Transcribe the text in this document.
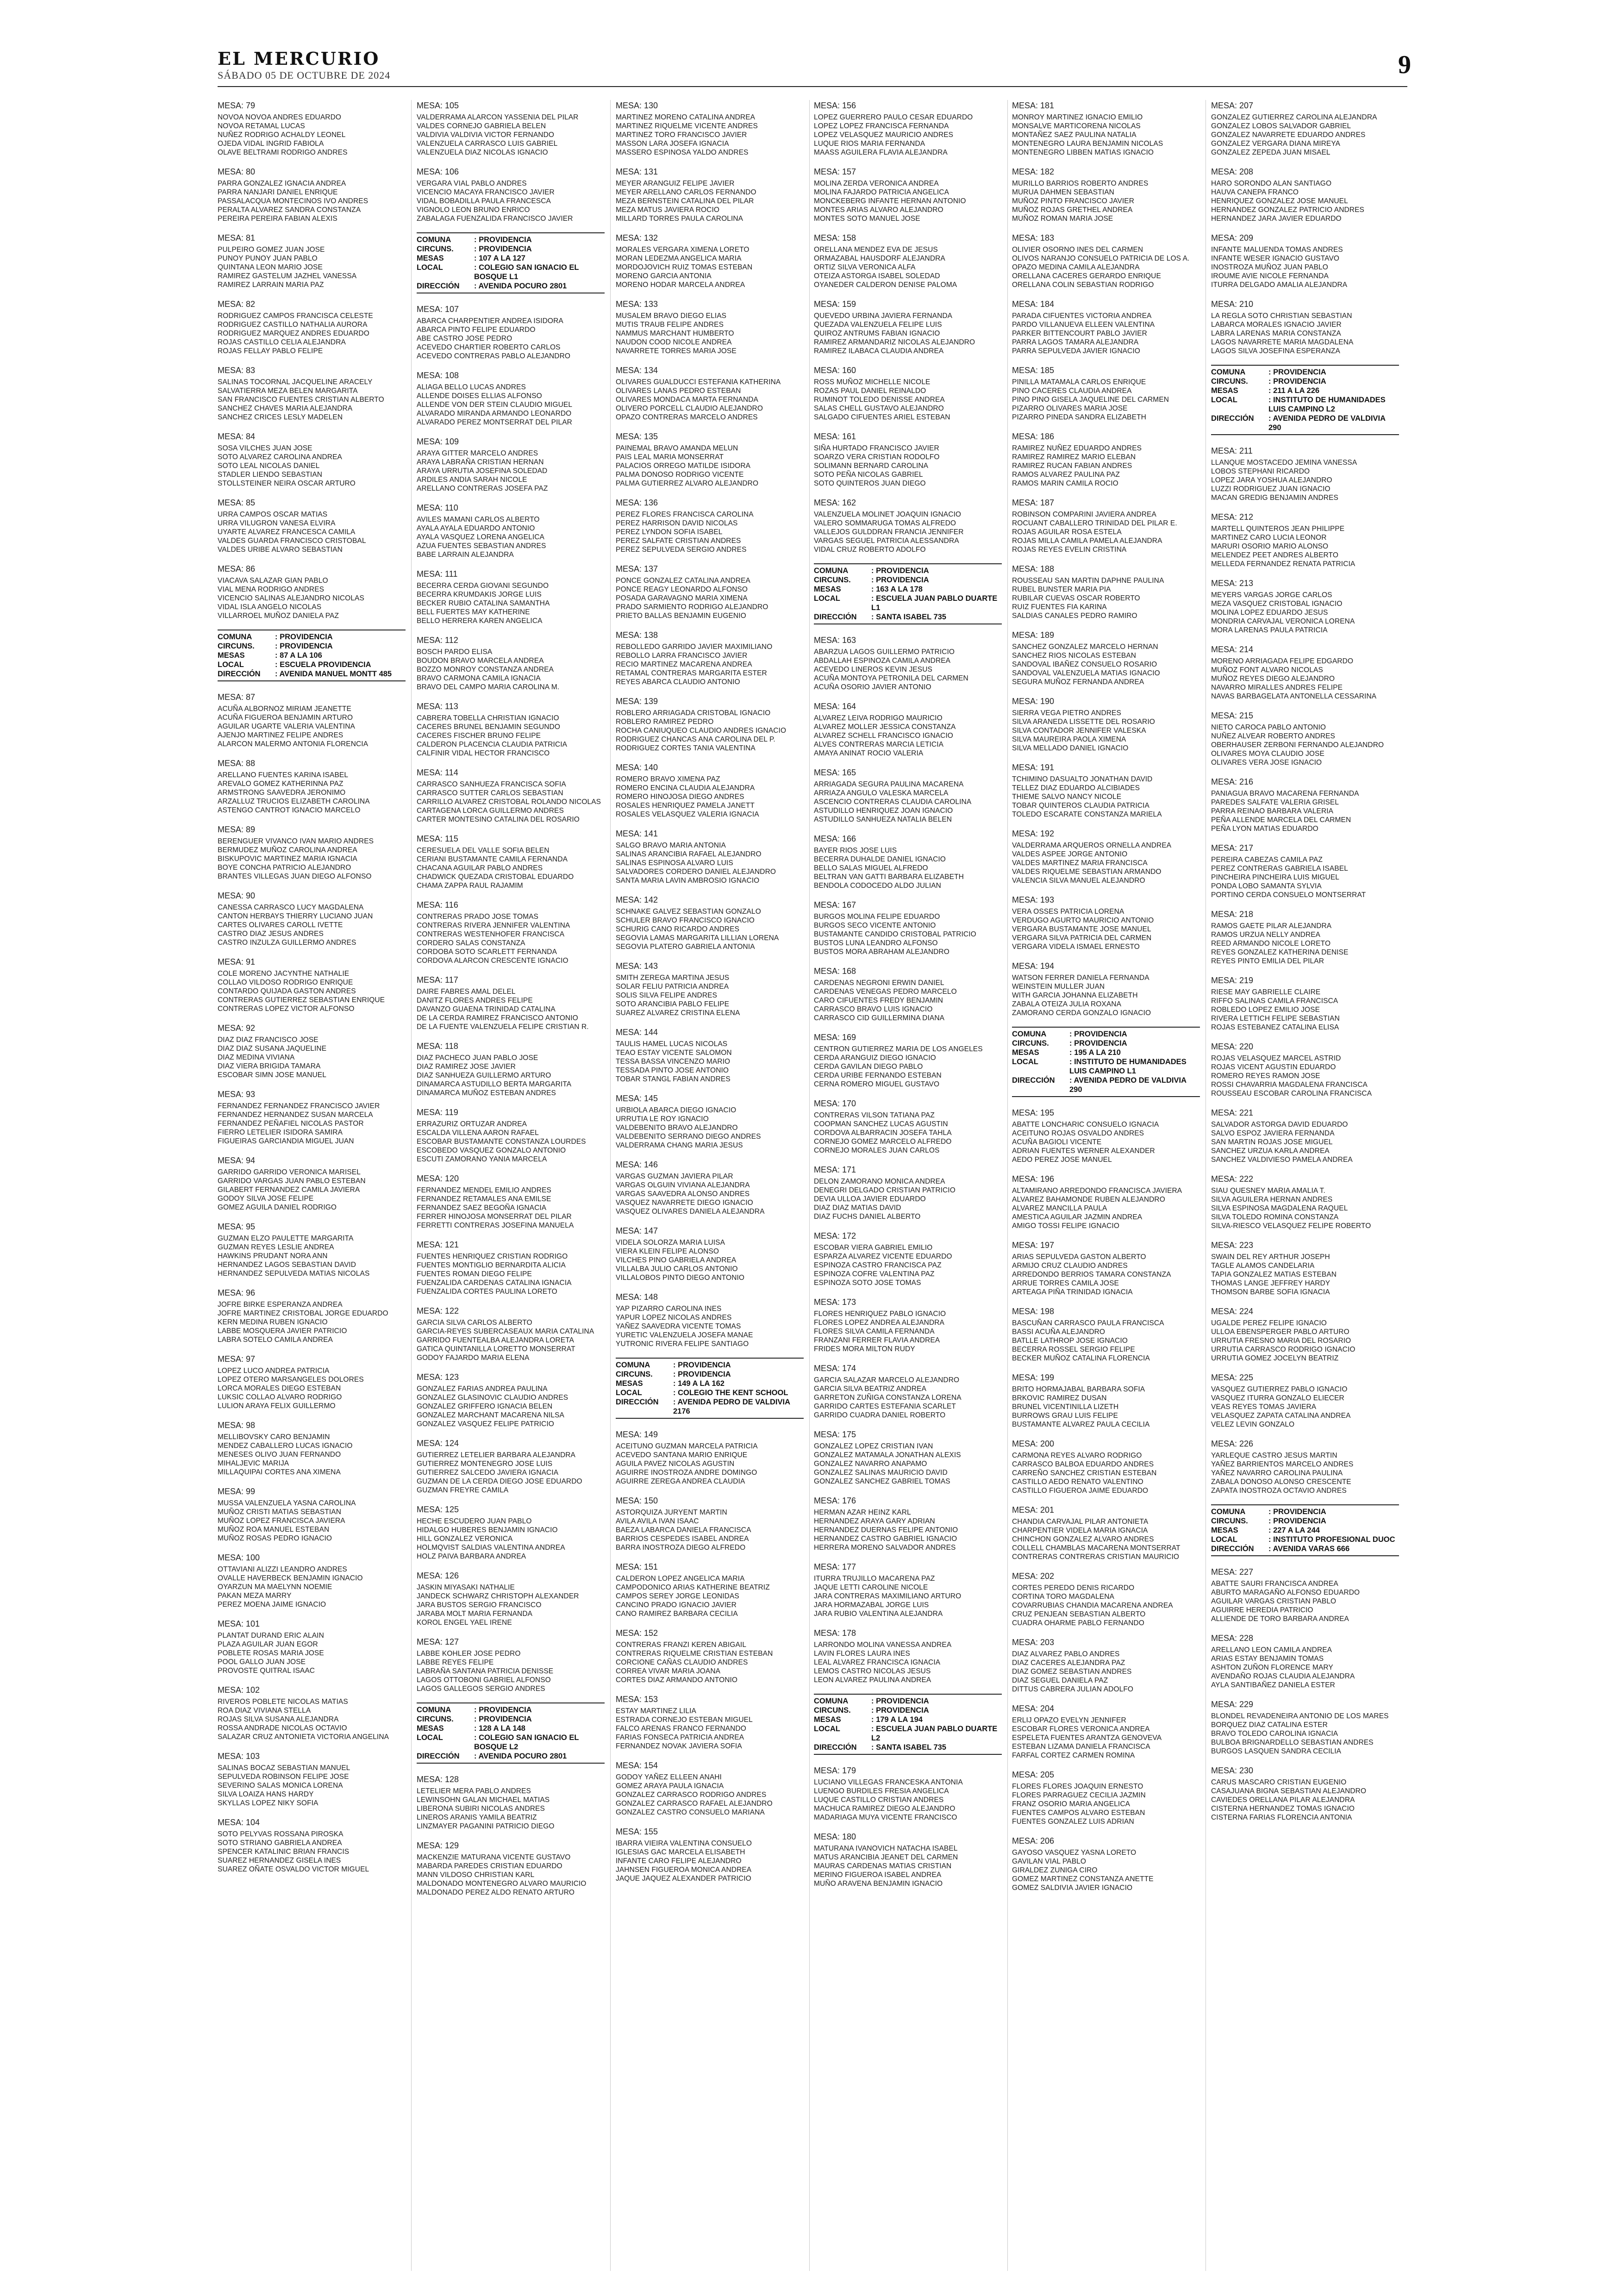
EL MERCURIO
SÁBADO 05 DE OCTUBRE DE 2024	9
MESA: 79
NOVOA NOVOA ANDRES EDUARDO
NOVOA RETAMAL LUCAS
NUÑEZ RODRIGO ACHALDY LEONEL
OJEDA VIDAL INGRID FABIOLA
OLAVE BELTRAMI RODRIGO ANDRES
MESA: 80
PARRA GONZALEZ IGNACIA ANDREA
PARRA NANJARI DANIEL ENRIQUE
PASSALACQUA MONTECINOS IVO ANDRES
PERALTA ALVAREZ SANDRA CONSTANZA
PEREIRA PEREIRA FABIAN ALEXIS
MESA: 81
PULPEIRO GOMEZ JUAN JOSE
PUNOY PUNOY JUAN PABLO
QUINTANA LEON MARIO JOSE
RAMIREZ GASTELUM JAZHEL VANESSA
RAMIREZ LARRAIN MARIA PAZ
MESA: 82
RODRIGUEZ CAMPOS FRANCISCA CELESTE
RODRIGUEZ CASTILLO NATHALIA AURORA
RODRIGUEZ MARQUEZ ANDRES EDUARDO
ROJAS CASTILLO CELIA ALEJANDRA
ROJAS FELLAY PABLO FELIPE
MESA: 83
SALINAS TOCORNAL JACQUELINE ARACELY
SALVATIERRA MEZA BELEN MARGARITA
SAN FRANCISCO FUENTES CRISTIAN ALBERTO
SANCHEZ CHAVES MARIA ALEJANDRA
SANCHEZ CRICES LESLY MADELEN
MESA: 84
SOSA VILCHES JUAN JOSE
SOTO ALVAREZ CAROLINA ANDREA
SOTO LEAL NICOLAS DANIEL
STADLER LIENDO SEBASTIAN
STOLLSTEINER NEIRA OSCAR ARTURO
MESA: 85
URRA CAMPOS OSCAR MATIAS
URRA VILUGRON VANESA ELVIRA
UYARTE ALVAREZ FRANCESCA CAMILA
VALDES GUARDA FRANCISCO CRISTOBAL
VALDES URIBE ALVARO SEBASTIAN
MESA: 86
VIACAVA SALAZAR GIAN PABLO
VIAL MENA RODRIGO ANDRES
VICENCIO SALINAS ALEJANDRO NICOLAS
VIDAL ISLA ANGELO NICOLAS
VILLARROEL MUÑOZ DANIELA PAZ
COMUNA	: PROVIDENCIA
CIRCUNS.	: PROVIDENCIA
MESAS	: 87 A LA 106
LOCAL	: ESCUELA PROVIDENCIA
DIRECCIÓN	: AVENIDA MANUEL MONTT 485
MESA: 87
ACUÑA ALBORNOZ MIRIAM JEANETTE
ACUÑA FIGUEROA BENJAMIN ARTURO
AGUILAR UGARTE VALERIA VALENTINA
AJENJO MARTINEZ FELIPE ANDRES
ALARCON MALERMO ANTONIA FLORENCIA
MESA: 88
ARELLANO FUENTES KARINA ISABEL
AREVALO GOMEZ KATHERINNA PAZ
ARMSTRONG SAAVEDRA JERONIMO
ARZALLUZ TRUCIOS ELIZABETH CAROLINA
ASTENGO CANTROT IGNACIO MARCELO
MESA: 89
BERENGUER VIVANCO IVAN MARIO ANDRES
BERMUDEZ MUÑOZ CAROLINA ANDREA
BISKUPOVIC MARTINEZ MARIA IGNACIA
BOYE CONCHA PATRICIO ALEJANDRO
BRANTES VILLEGAS JUAN DIEGO ALFONSO
MESA: 90
CANESSA CARRASCO LUCY MAGDALENA
CANTON HERBAYS THIERRY LUCIANO JUAN
CARTES OLIVARES CAROLL IVETTE
CASTRO DIAZ JESUS ANDRES
CASTRO INZULZA GUILLERMO ANDRES
MESA: 91
COLE MORENO JACYNTHE NATHALIE
COLLAO VILDOSO RODRIGO ENRIQUE
CONTARDO QUIJADA GASTON ANDRES
CONTRERAS GUTIERREZ SEBASTIAN ENRIQUE
CONTRERAS LOPEZ VICTOR ALFONSO
MESA: 92
DIAZ DIAZ FRANCISCO JOSE
DIAZ DIAZ SUSANA JAQUELINE
DIAZ MEDINA VIVIANA
DIAZ VIERA BRIGIDA TAMARA
ESCOBAR SIMN JOSE MANUEL
MESA: 93
FERNANDEZ FERNANDEZ FRANCISCO JAVIER
FERNANDEZ HERNANDEZ SUSAN MARCELA
FERNANDEZ PEÑAFIEL NICOLAS PASTOR
FIERRO LETELIER ISIDORA SAMIRA
FIGUEIRAS GARCIANDIA MIGUEL JUAN
MESA: 94
GARRIDO GARRIDO VERONICA MARISEL
GARRIDO VARGAS JUAN PABLO ESTEBAN
GILABERT FERNANDEZ CAMILA JAVIERA
GODOY SILVA JOSE FELIPE
GOMEZ AGUILA DANIEL RODRIGO
MESA: 95
GUZMAN ELZO PAULETTE MARGARITA
GUZMAN REYES LESLIE ANDREA
HAWKINS PRUDANT NORA ANN
HERNANDEZ LAGOS SEBASTIAN DAVID
HERNANDEZ SEPULVEDA MATIAS NICOLAS
MESA: 96
JOFRE BIRKE ESPERANZA ANDREA
JOFRE MARTINEZ CRISTOBAL JORGE EDUARDO
KERN MEDINA RUBEN IGNACIO
LABBE MOSQUERA JAVIER PATRICIO
LABRA SOTELO CAMILA ANDREA
MESA: 97
LOPEZ LUCO ANDREA PATRICIA
LOPEZ OTERO MARSANGELES DOLORES
LORCA MORALES DIEGO ESTEBAN
LUKSIC COLLAO ALVARO RODRIGO
LULION ARAYA FELIX GUILLERMO
MESA: 98
MELLIBOVSKY CARO BENJAMIN
MENDEZ CABALLERO LUCAS IGNACIO
MENESES OLIVO JUAN FERNANDO
MIHALJEVIC MARIJA
MILLAQUIPAI CORTES ANA XIMENA
MESA: 99
MUSSA VALENZUELA YASNA CAROLINA
MUÑOZ CRISTI MATIAS SEBASTIAN
MUÑOZ LOPEZ FRANCISCA JAVIERA
MUÑOZ ROA MANUEL ESTEBAN
MUÑOZ ROSAS PEDRO IGNACIO
MESA: 100
OTTAVIANI ALIZZI LEANDRO ANDRES
OVALLE HAVERBECK BENJAMIN IGNACIO
OYARZUN MA MAELYNN NOEMIE
PAKAN MEZA MARRY
PEREZ MOENA JAIME IGNACIO
MESA: 101
PLANTAT DURAND ERIC ALAIN
PLAZA AGUILAR JUAN EGOR
POBLETE ROSAS MARIA JOSE
POOL GALLO JUAN JOSE
PROVOSTE QUITRAL ISAAC
MESA: 102
RIVEROS POBLETE NICOLAS MATIAS
ROA DIAZ VIVIANA STELLA
ROJAS SILVA SUSANA ALEJANDRA
ROSSA ANDRADE NICOLAS OCTAVIO
SALAZAR CRUZ ANTONIETA VICTORIA ANGELINA
MESA: 103
SALINAS BOCAZ SEBASTIAN MANUEL
SEPULVEDA ROBINSON FELIPE JOSE
SEVERINO SALAS MONICA LORENA
SILVA LOAIZA HANS HARDY
SKYLLAS LOPEZ NIKY SOFIA
MESA: 104
SOTO PELYVAS ROSSANA PIROSKA
SOTO STRIANO GABRIELA ANDREA
SPENCER KATALINIC BRIAN FRANCIS
SUAREZ HERNANDEZ GISELA INES
SUAREZ OÑATE OSVALDO VICTOR MIGUEL
MESA: 105
VALDERRAMA ALARCON YASSENIA DEL PILAR
VALDES CORNEJO GABRIELA BELEN
VALDIVIA VALDIVIA VICTOR FERNANDO
VALENZUELA CARRASCO LUIS GABRIEL
VALENZUELA DIAZ NICOLAS IGNACIO
MESA: 106
VERGARA VIAL PABLO ANDRES
VICENCIO MACAYA FRANCISCO JAVIER
VIDAL BOBADILLA PAULA FRANCESCA
VIGNOLO LEON BRUNO ENRICO
ZABALAGA FUENZALIDA FRANCISCO JAVIER
COMUNA	: PROVIDENCIA
CIRCUNS.	: PROVIDENCIA
MESAS	: 107 A LA 127
LOCAL	: COLEGIO SAN IGNACIO EL BOSQUE L1
DIRECCIÓN	: AVENIDA POCURO 2801
MESA: 107
ABARCA CHARPENTIER ANDREA ISIDORA
ABARCA PINTO FELIPE EDUARDO
ABE CASTRO JOSE PEDRO
ACEVEDO CHARTIER ROBERTO CARLOS
ACEVEDO CONTRERAS PABLO ALEJANDRO
MESA: 108
ALIAGA BELLO LUCAS ANDRES
ALLENDE DOISES ELLIAS ALFONSO
ALLENDE VON DER STEIN CLAUDIO MIGUEL
ALVARADO MIRANDA ARMANDO LEONARDO
ALVARADO PEREZ MONTSERRAT DEL PILAR
MESA: 109
ARAYA GITTER MARCELO ANDRES
ARAYA LABRAÑA CRISTIAN HERNAN
ARAYA URRUTIA JOSEFINA SOLEDAD
ARDILES ANDIA SARAH NICOLE
ARELLANO CONTRERAS JOSEFA PAZ
MESA: 110
AVILES MAMANI CARLOS ALBERTO
AYALA AYALA EDUARDO ANTONIO
AYALA VASQUEZ LORENA ANGELICA
AZUA FUENTES SEBASTIAN ANDRES
BABE LARRAIN ALEJANDRA
MESA: 111
BECERRA CERDA GIOVANI SEGUNDO
BECERRA KRUMDAKIS JORGE LUIS
BECKER RUBIO CATALINA SAMANTHA
BELL FUERTES MAY KATHERINE
BELLO HERRERA KAREN ANGELICA
MESA: 112
BOSCH PARDO ELISA
BOUDON BRAVO MARCELA ANDREA
BOZZO MONROY CONSTANZA ANDREA
BRAVO CARMONA CAMILA IGNACIA
BRAVO DEL CAMPO MARIA CAROLINA M.
MESA: 113
CABRERA TOBELLA CHRISTIAN IGNACIO
CACERES BRUNEL BENJAMIN SEGUNDO
CACERES FISCHER BRUNO FELIPE
CALDERON PLACENCIA CLAUDIA PATRICIA
CALFINIR VIDAL HECTOR FRANCISCO
MESA: 114
CARRASCO SANHUEZA FRANCISCA SOFIA
CARRASCO SUTTER CARLOS SEBASTIAN
CARRILLO ALVAREZ CRISTOBAL ROLANDO NICOLAS
CARTAGENA LORCA GUILLERMO ANDRES
CARTER MONTESINO CATALINA DEL ROSARIO
MESA: 115
CERESUELA DEL VALLE SOFIA BELEN
CERIANI BUSTAMANTE CAMILA FERNANDA
CHACANA AGUILAR PABLO ANDRES
CHADWICK QUEZADA CRISTOBAL EDUARDO
CHAMA ZAPPA RAUL RAJAMIM
MESA: 116
CONTRERAS PRADO JOSE TOMAS
CONTRERAS RIVERA JENNIFER VALENTINA
CONTRERAS WESTENHOFER FRANCISCA
CORDERO SALAS CONSTANZA
CORDOBA SOTO SCARLETT FERNANDA
CORDOVA ALARCON CRESCENTE IGNACIO
MESA: 117
DAIRE FABRES AMAL DELEL
DANITZ FLORES ANDRES FELIPE
DAVANZO GUAENA TRINIDAD CATALINA
DE LA CERDA RAMIREZ FRANCISCO ANTONIO
DE LA FUENTE VALENZUELA FELIPE CRISTIAN R.
MESA: 118
DIAZ PACHECO JUAN PABLO JOSE
DIAZ RAMIREZ JOSE JAVIER
DIAZ SANHUEZA GUILLERMO ARTURO
DINAMARCA ASTUDILLO BERTA MARGARITA
DINAMARCA MUÑOZ ESTEBAN ANDRES
MESA: 119
ERRAZURIZ ORTUZAR ANDREA
ESCALDA VILLENA AARON RAFAEL
ESCOBAR BUSTAMANTE CONSTANZA LOURDES
ESCOBEDO VASQUEZ GONZALO ANTONIO
ESCUTI ZAMORANO YANIA MARCELA
MESA: 120
FERNANDEZ MENDEL EMILIO ANDRES
FERNANDEZ RETAMALES ANA EMILSE
FERNANDEZ SAEZ BEGOÑA IGNACIA
FERRER HINOJOSA MONSERRAT DEL PILAR
FERRETTI CONTRERAS JOSEFINA MANUELA
MESA: 121
FUENTES HENRIQUEZ CRISTIAN RODRIGO
FUENTES MONTIGLIO BERNARDITA ALICIA
FUENTES ROMAN DIEGO FELIPE
FUENZALIDA CARDENAS CATALINA IGNACIA
FUENZALIDA CORTES PAULINA LORETO
MESA: 122
GARCIA SILVA CARLOS ALBERTO
GARCIA-REYES SUBERCASEAUX MARIA CATALINA
GARRIDO FUENTEALBA ALEJANDRA LORETA
GATICA QUINTANILLA LORETTO MONSERRAT
GODOY FAJARDO MARIA ELENA
MESA: 123
GONZALEZ FARIAS ANDREA PAULINA
GONZALEZ GLASINOVIC CLAUDIO ANDRES
GONZALEZ GRIFFERO IGNACIA BELEN
GONZALEZ MARCHANT MACARENA NILSA
GONZALEZ VASQUEZ FELIPE PATRICIO
MESA: 124
GUTIERREZ LETELIER BARBARA ALEJANDRA
GUTIERREZ MONTENEGRO JOSE LUIS
GUTIERREZ SALCEDO JAVIERA IGNACIA
GUZMAN DE LA CERDA DIEGO JOSE EDUARDO
GUZMAN FREYRE CAMILA
MESA: 125
HECHE ESCUDERO JUAN PABLO
HIDALGO HUBERES BENJAMIN IGNACIO
HILL GONZALEZ VERONICA
HOLMQVIST SALDIAS VALENTINA ANDREA
HOLZ PAIVA BARBARA ANDREA
MESA: 126
JASKIN MIYASAKI NATHALIE
JANDECK SCHWARZ CHRISTOPH ALEXANDER
JARA BUSTOS SERGIO FRANCISCO
JARABA MOLT MARIA FERNANDA
KOROL ENGEL YAEL IRENE
MESA: 127
LABBE KOHLER JOSE PEDRO
LABBE REYES FELIPE
LABRAÑA SANTANA PATRICIA DENISSE
LAGOS OTTOBONI GABRIEL ALFONSO
LAGOS GALLEGOS SERGIO ANDRES
COMUNA	: PROVIDENCIA
CIRCUNS.	: PROVIDENCIA
MESAS	: 128 A LA 148
LOCAL	: COLEGIO SAN IGNACIO EL BOSQUE L2
DIRECCIÓN	: AVENIDA POCURO 2801
MESA: 128
LETELIER MERA PABLO ANDRES
LEWINSOHN GALAN MICHAEL MATIAS
LIBERONA SUBIRI NICOLAS ANDRES
LINEROS ARANIS YAMILA BEATRIZ
LINZMAYER PAGANINI PATRICIO DIEGO
MESA: 129
MACKENZIE MATURANA VICENTE GUSTAVO
MABARDA PAREDES CRISTIAN EDUARDO
MANN VILDOSO CHRISTIAN KARL
MALDONADO MONTENEGRO ALVARO MAURICIO
MALDONADO PEREZ ALDO RENATO ARTURO
MESA: 130
MARTINEZ MORENO CATALINA ANDREA
MARTINEZ RIQUELME VICENTE ANDRES
MARTINEZ TORO FRANCISCO JAVIER
MASSON LARA JOSEFA IGNACIA
MASSERO ESPINOSA YALDO ANDRES
MESA: 131
MEYER ARANGUIZ FELIPE JAVIER
MEYER ARELLANO CARLOS FERNANDO
MEZA BERNSTEIN CATALINA DEL PILAR
MEZA MATUS JAVIERA ROCIO
MILLARD TORRES PAULA CAROLINA
MESA: 132
MORALES VERGARA XIMENA LORETO
MORAN LEDEZMA ANGELICA MARIA
MORDOJOVICH RUIZ TOMAS ESTEBAN
MORENO GARCIA ANTONIA
MORENO HODAR MARCELA ANDREA
MESA: 133
MUSALEM BRAVO DIEGO ELIAS
MUTIS TRAUB FELIPE ANDRES
NAMMUS MARCHANT HUMBERTO
NAUDON COOD NICOLE ANDREA
NAVARRETE TORRES MARIA JOSE
MESA: 134
OLIVARES GUALDUCCI ESTEFANIA KATHERINA
OLIVARES LANAS PEDRO ESTEBAN
OLIVARES MONDACA MARTA FERNANDA
OLIVERO PORCELL CLAUDIO ALEJANDRO
OPAZO CONTRERAS MARCELO ANDRES
MESA: 135
PAINEMAL BRAVO AMANDA MELUN
PAIS LEAL MARIA MONSERRAT
PALACIOS ORREGO MATILDE ISIDORA
PALMA DONOSO RODRIGO VICENTE
PALMA GUTIERREZ ALVARO ALEJANDRO
MESA: 136
PEREZ FLORES FRANCISCA CAROLINA
PEREZ HARRISON DAVID NICOLAS
PEREZ LYNDON SOFIA ISABEL
PEREZ SALFATE CRISTIAN ANDRES
PEREZ SEPULVEDA SERGIO ANDRES
MESA: 137
PONCE GONZALEZ CATALINA ANDREA
PONCE REAGY LEONARDO ALFONSO
POSADA GARAVAGNO MARIA XIMENA
PRADO SARMIENTO RODRIGO ALEJANDRO
PRIETO BALLAS BENJAMIN EUGENIO
MESA: 138
REBOLLEDO GARRIDO JAVIER MAXIMILIANO
REBOLLO LARRA FRANCISCO JAVIER
RECIO MARTINEZ MACARENA ANDREA
RETAMAL CONTRERAS MARGARITA ESTER
REYES ABARCA CLAUDIO ANTONIO
MESA: 139
ROBLERO ARRIAGADA CRISTOBAL IGNACIO
ROBLERO RAMIREZ PEDRO
ROCHA CANIUQUEO CLAUDIO ANDRES IGNACIO
RODRIGUEZ CHANCAS ANA CAROLINA DEL P.
RODRIGUEZ CORTES TANIA VALENTINA
MESA: 140
ROMERO BRAVO XIMENA PAZ
ROMERO ENCINA CLAUDIA ALEJANDRA
ROMERO HINOJOSA DIEGO ANDRES
ROSALES HENRIQUEZ PAMELA JANETT
ROSALES VELASQUEZ VALERIA IGNACIA
MESA: 141
SALGO BRAVO MARIA ANTONIA
SALINAS ARANCIBIA RAFAEL ALEJANDRO
SALINAS ESPINOSA ALVARO LUIS
SALVADORES CORDERO DANIEL ALEJANDRO
SANTA MARIA LAVIN AMBROSIO IGNACIO
MESA: 142
SCHNAKE GALVEZ SEBASTIAN GONZALO
SCHULER BRAVO FRANCISCO IGNACIO
SCHURIG CANO RICARDO ANDRES
SEGOVIA LAMAS MARGARITA LILLIAN LORENA
SEGOVIA PLATERO GABRIELA ANTONIA
MESA: 143
SMITH ZEREGA MARTINA JESUS
SOLAR FELIU PATRICIA ANDREA
SOLIS SILVA FELIPE ANDRES
SOTO ARANCIBIA PABLO FELIPE
SUAREZ ALVAREZ CRISTINA ELENA
MESA: 144
TAULIS HAMEL LUCAS NICOLAS
TEAO ESTAY VICENTE SALOMON
TESSA BASSA VINCENZO MARIO
TESSADA PINTO JOSE ANTONIO
TOBAR STANGL FABIAN ANDRES
MESA: 145
URBIOLA ABARCA DIEGO IGNACIO
URRUTIA LE ROY IGNACIO
VALDEBENITO BRAVO ALEJANDRO
VALDEBENITO SERRANO DIEGO ANDRES
VALDERRAMA CHANG MARIA JESUS
MESA: 146
VARGAS GUZMAN JAVIERA PILAR
VARGAS OLGUIN VIVIANA ALEJANDRA
VARGAS SAAVEDRA ALONSO ANDRES
VASQUEZ NAVARRETE DIEGO IGNACIO
VASQUEZ OLIVARES DANIELA ALEJANDRA
MESA: 147
VIDELA SOLORZA MARIA LUISA
VIERA KLEIN FELIPE ALONSO
VILCHES PINO GABRIELA ANDREA
VILLALBA JULIO CARLOS ANTONIO
VILLALOBOS PINTO DIEGO ANTONIO
MESA: 148
YAP PIZARRO CAROLINA INES
YAPUR LOPEZ NICOLAS ANDRES
YAÑEZ SAAVEDRA VICENTE TOMAS
YURETIC VALENZUELA JOSEFA MANAE
YUTRONIC RIVERA FELIPE SANTIAGO
COMUNA	: PROVIDENCIA
CIRCUNS.	: PROVIDENCIA
MESAS	: 149 A LA 162
LOCAL	: COLEGIO THE KENT SCHOOL
DIRECCIÓN	: AVENIDA PEDRO DE VALDIVIA 2176
MESA: 149
ACEITUNO GUZMAN MARCELA PATRICIA
ACEVEDO SANTANA MARIO ENRIQUE
AGUILA PAVEZ NICOLAS AGUSTIN
AGUIRRE INOSTROZA ANDRE DOMINGO
AGUIRRE ZEREGA ANDREA CLAUDIA
MESA: 150
ASTORQUIZA JURYENT MARTIN
AVILA AVILA IVAN ISAAC
BAEZA LABARCA DANIELA FRANCISCA
BARRIOS CESPEDES ISABEL ANDREA
BARRA INOSTROZA DIEGO ALFREDO
MESA: 151
CALDERON LOPEZ ANGELICA MARIA
CAMPODONICO ARIAS KATHERINE BEATRIZ
CAMPOS SEREY JORGE LEONIDAS
CANCINO PRADO IGNACIO JAVIER
CANO RAMIREZ BARBARA CECILIA
MESA: 152
CONTRERAS FRANZI KEREN ABIGAIL
CONTRERAS RIQUELME CRISTIAN ESTEBAN
CORCIONE CAÑAS CLAUDIO ANDRES
CORREA VIVAR MARIA JOANA
CORTES DIAZ ARMANDO ANTONIO
MESA: 153
ESTAY MARTINEZ LILIA
ESTRADA CORNEJO ESTEBAN MIGUEL
FALCO ARENAS FRANCO FERNANDO
FARIAS FONSECA PATRICIA ANDREA
FERNANDEZ NOVAK JAVIERA SOFIA
MESA: 154
GODOY YAÑEZ ELLEEN ANAHI
GOMEZ ARAYA PAULA IGNACIA
GONZALEZ CARRASCO RODRIGO ANDRES
GONZALEZ CARRASCO RAFAEL ALEJANDRO
GONZALEZ CASTRO CONSUELO MARIANA
MESA: 155
IBARRA VIEIRA VALENTINA CONSUELO
IGLESIAS GAC MARCELA ELISABETH
INFANTE CARO FELIPE ALEJANDRO
JAHNSEN FIGUEROA MONICA ANDREA
JAQUE JAQUEZ ALEXANDER PATRICIO
MESA: 156
LOPEZ GUERRERO PAULO CESAR EDUARDO
LOPEZ LOPEZ FRANCISCA FERNANDA
LOPEZ VELASQUEZ MAURICIO ANDRES
LUQUE RIOS MARIA FERNANDA
MAASS AGUILERA FLAVIA ALEJANDRA
MESA: 157
MOLINA ZERDA VERONICA ANDREA
MOLINA FAJARDO PATRICIA ANGELICA
MONCKEBERG INFANTE HERNAN ANTONIO
MONTES ARIAS ALVARO ALEJANDRO
MONTES SOTO MANUEL JOSE
MESA: 158
ORELLANA MENDEZ EVA DE JESUS
ORMAZABAL HAUSDORF ALEJANDRA
ORTIZ SILVA VERONICA ALFA
OTEIZA ASTORGA ISABEL SOLEDAD
OYANEDER CALDERON DENISE PALOMA
MESA: 159
QUEVEDO URBINA JAVIERA FERNANDA
QUEZADA VALENZUELA FELIPE LUIS
QUIROZ ANTRUMS FABIAN IGNACIO
RAMIREZ ARMANDARIZ NICOLAS ALEJANDRO
RAMIREZ ILABACA CLAUDIA ANDREA
MESA: 160
ROSS MUÑOZ MICHELLE NICOLE
ROZAS PAUL DANIEL REINALDO
RUMINOT TOLEDO DENISSE ANDREA
SALAS CHELL GUSTAVO ALEJANDRO
SALGADO CIFUENTES ARIEL ESTEBAN
MESA: 161
SIÑA HURTADO FRANCISCO JAVIER
SOARZO VERA CRISTIAN RODOLFO
SOLIMANN BERNARD CAROLINA
SOTO PEÑA NICOLAS GABRIEL
SOTO QUINTEROS JUAN DIEGO
MESA: 162
VALENZUELA MOLINET JOAQUIN IGNACIO
VALERO SOMMARUGA TOMAS ALFREDO
VALLEJOS GULDDRAN FRANCIA JENNIFER
VARGAS SEGUEL PATRICIA ALESSANDRA
VIDAL CRUZ ROBERTO ADOLFO
COMUNA	: PROVIDENCIA
CIRCUNS.	: PROVIDENCIA
MESAS	: 163 A LA 178
LOCAL	: ESCUELA JUAN PABLO DUARTE L1
DIRECCIÓN	: SANTA ISABEL 735
MESA: 163
ABARZUA LAGOS GUILLERMO PATRICIO
ABDALLAH ESPINOZA CAMILA ANDREA
ACEVEDO LINEROS KEVIN JESUS
ACUÑA MONTOYA PETRONILA DEL CARMEN
ACUÑA OSORIO JAVIER ANTONIO
MESA: 164
ALVAREZ LEIVA RODRIGO MAURICIO
ALVAREZ MOLLER JESSICA CONSTANZA
ALVAREZ SCHELL FRANCISCO IGNACIO
ALVES CONTRERAS MARCIA LETICIA
AMAYA ANINAT ROCIO VALERIA
MESA: 165
ARRIAGADA SEGURA PAULINA MACARENA
ARRIAZA ANGULO VALESKA MARCELA
ASCENCIO CONTRERAS CLAUDIA CAROLINA
ASTUDILLO HENRIQUEZ JOAN IGNACIO
ASTUDILLO SANHUEZA NATALIA BELEN
MESA: 166
BAYER RIOS JOSE LUIS
BECERRA DUHALDE DANIEL IGNACIO
BELLO SALAS MIGUEL ALFREDO
BELTRAN VAN GATTI BARBARA ELIZABETH
BENDOLA CODOCEDO ALDO JULIAN
MESA: 167
BURGOS MOLINA FELIPE EDUARDO
BURGOS SECO VICENTE ANTONIO
BUSTAMANTE CANDIDO CRISTOBAL PATRICIO
BUSTOS LUNA LEANDRO ALFONSO
BUSTOS MORA ABRAHAM ALEJANDRO
MESA: 168
CARDENAS NEGRONI ERWIN DANIEL
CARDENAS VENEGAS PEDRO MARCELO
CARO CIFUENTES FREDY BENJAMIN
CARRASCO BRAVO LUIS IGNACIO
CARRASCO CID GUILLERMINA DIANA
MESA: 169
CENTRON GUTIERREZ MARIA DE LOS ANGELES
CERDA ARANGUIZ DIEGO IGNACIO
CERDA GAVILAN DIEGO PABLO
CERDA URIBE FERNANDO ESTEBAN
CERNA ROMERO MIGUEL GUSTAVO
MESA: 170
CONTRERAS VILSON TATIANA PAZ
COOPMAN SANCHEZ LUCAS AGUSTIN
CORDOVA ALBARRACIN JOSEFA TAHLA
CORNEJO GOMEZ MARCELO ALFREDO
CORNEJO MORALES JUAN CARLOS
MESA: 171
DELON ZAMORANO MONICA ANDREA
DENEGRI DELGADO CRISTIAN PATRICIO
DEVIA ULLOA JAVIER EDUARDO
DIAZ DIAZ MATIAS DAVID
DIAZ FUCHS DANIEL ALBERTO
MESA: 172
ESCOBAR VIERA GABRIEL EMILIO
ESPARZA ALVAREZ VICENTE EDUARDO
ESPINOZA CASTRO FRANCISCA PAZ
ESPINOZA COFRE VALENTINA PAZ
ESPINOZA SOTO JOSE TOMAS
MESA: 173
FLORES HENRIQUEZ PABLO IGNACIO
FLORES LOPEZ ANDREA ALEJANDRA
FLORES SILVA CAMILA FERNANDA
FRANZANI FERRER FLAVIA ANDREA
FRIDES MORA MILTON RUDY
MESA: 174
GARCIA SALAZAR MARCELO ALEJANDRO
GARCIA SILVA BEATRIZ ANDREA
GARRETON ZUÑIGA CONSTANZA LORENA
GARRIDO CARTES ESTEFANIA SCARLET
GARRIDO CUADRA DANIEL ROBERTO
MESA: 175
GONZALEZ LOPEZ CRISTIAN IVAN
GONZALEZ MATAMALA JONATHAN ALEXIS
GONZALEZ NAVARRO ANAPAMO
GONZALEZ SALINAS MAURICIO DAVID
GONZALEZ SANCHEZ GABRIEL TOMAS
MESA: 176
HERMAN AZAR HEINZ KARL
HERNANDEZ ARAYA GARY ADRIAN
HERNANDEZ DUERNAS FELIPE ANTONIO
HERNANDEZ CASTRO GABRIEL IGNACIO
HERRERA MORENO SALVADOR ANDRES
MESA: 177
ITURRA TRUJILLO MACARENA PAZ
JAQUE LETTI CAROLINE NICOLE
JARA CONTRERAS MAXIMILIANO ARTURO
JARA HORMAZABAL JORGE LUIS
JARA RUBIO VALENTINA ALEJANDRA
MESA: 178
LARRONDO MOLINA VANESSA ANDREA
LAVIN FLORES LAURA INES
LEAL ALVAREZ FRANCISCA IGNACIA
LEMOS CASTRO NICOLAS JESUS
LEON ALVAREZ PAULINA ANDREA
COMUNA	: PROVIDENCIA
CIRCUNS.	: PROVIDENCIA
MESAS	: 179 A LA 194
LOCAL	: ESCUELA JUAN PABLO DUARTE L2
DIRECCIÓN	: SANTA ISABEL 735
MESA: 179
LUCIANO VILLEGAS FRANCESKA ANTONIA
LUENGO BURDILES FRESIA ANGELICA
LUQUE CASTILLO CRISTIAN ANDRES
MACHUCA RAMIREZ DIEGO ALEJANDRO
MADARIAGA MUYA VICENTE FRANCISCO
MESA: 180
MATURANA IVANOVICH NATACHA ISABEL
MATUS ARANCIBIA JEANET DEL CARMEN
MAURAS CARDENAS MATIAS CRISTIAN
MERINO FIGUEROA ISABEL ANDREA
MUÑO ARAVENA BENJAMIN IGNACIO
MESA: 181
MONROY MARTINEZ IGNACIO EMILIO
MONSALVE MARTICORENA NICOLAS
MONTAÑEZ SAEZ PAULINA NATALIA
MONTENEGRO LAURA BENJAMIN NICOLAS
MONTENEGRO LIBBEN MATIAS IGNACIO
MESA: 182
MURILLO BARRIOS ROBERTO ANDRES
MURUA DAHMEN SEBASTIAN
MUÑOZ PINTO FRANCISCO JAVIER
MUÑOZ ROJAS GRETHEL ANDREA
MUÑOZ ROMAN MARIA JOSE
MESA: 183
OLIVIER OSORNO INES DEL CARMEN
OLIVOS NARANJO CONSUELO PATRICIA DE LOS A.
OPAZO MEDINA CAMILA ALEJANDRA
ORELLANA CACERES GERARDO ENRIQUE
ORELLANA COLIN SEBASTIAN RODRIGO
MESA: 184
PARADA CIFUENTES VICTORIA ANDREA
PARDO VILLANUEVA ELLEEN VALENTINA
PARKER BITTENCOURT PABLO JAVIER
PARRA LAGOS TAMARA ALEJANDRA
PARRA SEPULVEDA JAVIER IGNACIO
MESA: 185
PINILLA MATAMALA CARLOS ENRIQUE
PINO CACERES CLAUDIA ANDREA
PINO PINO GISELA JAQUELINE DEL CARMEN
PIZARRO OLIVARES MARIA JOSE
PIZARRO PINEDA SANDRA ELIZABETH
MESA: 186
RAMIREZ NUÑEZ EDUARDO ANDRES
RAMIREZ RAMIREZ MARIO ELEBAN
RAMIREZ RUCAN FABIAN ANDRES
RAMOS ALVAREZ PAULINA PAZ
RAMOS MARIN CAMILA ROCIO
MESA: 187
ROBINSON COMPARINI JAVIERA ANDREA
ROCUANT CABALLERO TRINIDAD DEL PILAR E.
ROJAS AGUILAR ROSA ESTELA
ROJAS MILLA CAMILA PAMELA ALEJANDRA
ROJAS REYES EVELIN CRISTINA
MESA: 188
ROUSSEAU SAN MARTIN DAPHNE PAULINA
RUBEL BUNSTER MARIA PIA
RUBILAR CUEVAS OSCAR ROBERTO
RUIZ FUENTES FIA KARINA
SALDIAS CANALES PEDRO RAMIRO
MESA: 189
SANCHEZ GONZALEZ MARCELO HERNAN
SANCHEZ RIOS NICOLAS ESTEBAN
SANDOVAL IBAÑEZ CONSUELO ROSARIO
SANDOVAL VALENZUELA MATIAS IGNACIO
SEGURA MUÑOZ FERNANDA ANDREA
MESA: 190
SIERRA VEGA PIETRO ANDRES
SILVA ARANEDA LISSETTE DEL ROSARIO
SILVA CONTADOR JENNIFER VALESKA
SILVA MAUREIRA PAOLA XIMENA
SILVA MELLADO DANIEL IGNACIO
MESA: 191
TCHIMINO DASUALTO JONATHAN DAVID
TELLEZ DIAZ EDUARDO ALCIBIADES
THIEME SALVO NANCY NICOLE
TOBAR QUINTEROS CLAUDIA PATRICIA
TOLEDO ESCARATE CONSTANZA MARIELA
MESA: 192
VALDERRAMA ARQUEROS ORNELLA ANDREA
VALDES ASPEE JORGE ANTONIO
VALDES MARTINEZ MARIA FRANCISCA
VALDES RIQUELME SEBASTIAN ARMANDO
VALENCIA SILVA MANUEL ALEJANDRO
MESA: 193
VERA OSSES PATRICIA LORENA
VERDUGO AGURTO MAURICIO ANTONIO
VERGARA BUSTAMANTE JOSE MANUEL
VERGARA SILVA PATRICIA DEL CARMEN
VERGARA VIDELA ISMAEL ERNESTO
MESA: 194
WATSON FERRER DANIELA FERNANDA
WEINSTEIN MULLER JUAN
WITH GARCIA JOHANNA ELIZABETH
ZABALA OTEIZA JULIA ROXANA
ZAMORANO CERDA GONZALO IGNACIO
COMUNA	: PROVIDENCIA
CIRCUNS.	: PROVIDENCIA
MESAS	: 195 A LA 210
LOCAL	: INSTITUTO DE HUMANIDADES LUIS CAMPINO L1
DIRECCIÓN	: AVENIDA PEDRO DE VALDIVIA 290
MESA: 195
ABATTE LONCHARIC CONSUELO IGNACIA
ACEITUNO ROJAS OSVALDO ANDRES
ACUÑA BAGIOLI VICENTE
ADRIAN FUENTES WERNER ALEXANDER
AEDO PEREZ JOSE MANUEL
MESA: 196
ALTAMIRANO ARREDONDO FRANCISCA JAVIERA
ALVAREZ BAHAMONDE RUBEN ALEJANDRO
ALVAREZ MANCILLA PAULA
AMESTICA AGUILAR JAZMIN ANDREA
AMIGO TOSSI FELIPE IGNACIO
MESA: 197
ARIAS SEPULVEDA GASTON ALBERTO
ARMIJO CRUZ CLAUDIO ANDRES
ARREDONDO BERRIOS TAMARA CONSTANZA
ARRUE TORRES CAMILA JOSE
ARTEAGA PIÑA TRINIDAD IGNACIA
MESA: 198
BASCUÑAN CARRASCO PAULA FRANCISCA
BASSI ACUÑA ALEJANDRO
BATLLE LATHROP JOSE IGNACIO
BECERRA ROSSEL SERGIO FELIPE
BECKER MUÑOZ CATALINA FLORENCIA
MESA: 199
BRITO HORMAJABAL BARBARA SOFIA
BRKOVIC RAMIREZ DUSAN
BRUNEL VICENTINILLA LIZETH
BURROWS GRAU LUIS FELIPE
BUSTAMANTE ALVAREZ PAULA CECILIA
MESA: 200
CARMONA REYES ALVARO RODRIGO
CARRASCO BALBOA EDUARDO ANDRES
CARREÑO SANCHEZ CRISTIAN ESTEBAN
CASTILLO AEDO RENATO VALENTINO
CASTILLO FIGUEROA JAIME EDUARDO
MESA: 201
CHANDIA CARVAJAL PILAR ANTONIETA
CHARPENTIER VIDELA MARIA IGNACIA
CHINCHON GONZALEZ ALVARO ANDRES
COLLELL CHAMBLAS MACARENA MONTSERRAT
CONTRERAS CONTRERAS CRISTIAN MAURICIO
MESA: 202
CORTES PEREDO DENIS RICARDO
CORTINA TORO MAGDALENA
COVARRUBIAS CHANDIA MACARENA ANDREA
CRUZ PENJEAN SEBASTIAN ALBERTO
CUADRA OHARME PABLO FERNANDO
MESA: 203
DIAZ ALVAREZ PABLO ANDRES
DIAZ CACERES ALEJANDRA PAZ
DIAZ GOMEZ SEBASTIAN ANDRES
DIAZ SEGUEL DANIELA PAZ
DITTUS CABRERA JULIAN ADOLFO
MESA: 204
ERLIJ OPAZO EVELYN JENNIFER
ESCOBAR FLORES VERONICA ANDREA
ESPELETA FUENTES ARANTZA GENOVEVA
ESTEBAN LIZAMA DANIELA FRANCISCA
FARFAL CORTEZ CARMEN ROMINA
MESA: 205
FLORES FLORES JOAQUIN ERNESTO
FLORES PARRAGUEZ CECILIA JAZMIN
FRANZ OSORIO MARIA ANGELICA
FUENTES CAMPOS ALVARO ESTEBAN
FUENTES GONZALEZ LUIS ADRIAN
MESA: 206
GAYOSO VASQUEZ YASNA LORETO
GAVILAN VIAL PABLO
GIRALDEZ ZUNIGA CIRO
GOMEZ MARTINEZ CONSTANZA ANETTE
GOMEZ SALDIVIA JAVIER IGNACIO
MESA: 207
GONZALEZ GUTIERREZ CAROLINA ALEJANDRA
GONZALEZ LOBOS SALVADOR GABRIEL
GONZALEZ NAVARRETE EDUARDO ANDRES
GONZALEZ VERGARA DIANA MIREYA
GONZALEZ ZEPEDA JUAN MISAEL
MESA: 208
HARO SORONDO ALAN SANTIAGO
HAUVA CANEPA FRANCO
HENRIQUEZ GONZALEZ JOSE MANUEL
HERNANDEZ GONZALEZ PATRICIO ANDRES
HERNANDEZ JARA JAVIER EDUARDO
MESA: 209
INFANTE MALUENDA TOMAS ANDRES
INFANTE WESER IGNACIO GUSTAVO
INOSTROZA MUÑOZ JUAN PABLO
IROUME AVIE NICOLE FERNANDA
ITURRA DELGADO AMALIA ALEJANDRA
MESA: 210
LA REGLA SOTO CHRISTIAN SEBASTIAN
LABARCA MORALES IGNACIO JAVIER
LABRA LARENAS MARIA CONSTANZA
LAGOS NAVARRETE MARIA MAGDALENA
LAGOS SILVA JOSEFINA ESPERANZA
COMUNA	: PROVIDENCIA
CIRCUNS.	: PROVIDENCIA
MESAS	: 211 A LA 226
LOCAL	: INSTITUTO DE HUMANIDADES LUIS CAMPINO L2
DIRECCIÓN	: AVENIDA PEDRO DE VALDIVIA 290
MESA: 211
LLANQUE MOSTACEDO JEMINA VANESSA
LOBOS STEPHANI RICARDO
LOPEZ JARA YOSHUA ALEJANDRO
LUZZI RODRIGUEZ JUAN IGNACIO
MACAN GREDIG BENJAMIN ANDRES
MESA: 212
MARTELL QUINTEROS JEAN PHILIPPE
MARTINEZ CARO LUCIA LEONOR
MARURI OSORIO MARIO ALONSO
MELENDEZ PEET ANDRES ALBERTO
MELLEDA FERNANDEZ RENATA PATRICIA
MESA: 213
MEYERS VARGAS JORGE CARLOS
MEZA VASQUEZ CRISTOBAL IGNACIO
MOLINA LOPEZ EDUARDO JESUS
MONDRIA CARVAJAL VERONICA LORENA
MORA LARENAS PAULA PATRICIA
MESA: 214
MORENO ARRIAGADA FELIPE EDGARDO
MUÑOZ FONT ALVARO NICOLAS
MUÑOZ REYES DIEGO ALEJANDRO
NAVARRO MIRALLES ANDRES FELIPE
NAVAS BARBAGELATA ANTONELLA CESSARINA
MESA: 215
NIETO CAROCA PABLO ANTONIO
NUÑEZ ALVEAR ROBERTO ANDRES
OBERHAUSER ZERBONI FERNANDO ALEJANDRO
OLIVARES MOYA CLAUDIO JOSE
OLIVARES VERA JOSE IGNACIO
MESA: 216
PANIAGUA BRAVO MACARENA FERNANDA
PAREDES SALFATE VALERIA GRISEL
PARRA REINAO BARBARA VALERIA
PEÑA ALLENDE MARCELA DEL CARMEN
PEÑA LYON MATIAS EDUARDO
MESA: 217
PEREIRA CABEZAS CAMILA PAZ
PEREZ CONTRERAS GABRIELA ISABEL
PINCHEIRA PINCHEIRA LUIS MIGUEL
PONDA LOBO SAMANTA SYLVIA
PORTINO CERDA CONSUELO MONTSERRAT
MESA: 218
RAMOS GAETE PILAR ALEJANDRA
RAMOS URZUA NELLY ANDREA
REED ARMANDO NICOLE LORETO
REYES GONZALEZ KATHERINA DENISE
REYES PINTO EMILIA DEL PILAR
MESA: 219
RIESE MAY GABRIELLE CLAIRE
RIFFO SALINAS CAMILA FRANCISCA
ROBLEDO LOPEZ EMILIO JOSE
RIVERA LETTICH FELIPE SEBASTIAN
ROJAS ESTEBANEZ CATALINA ELISA
MESA: 220
ROJAS VELASQUEZ MARCEL ASTRID
ROJAS VICENT AGUSTIN EDUARDO
ROMERO REYES RAMON JOSE
ROSSI CHAVARRIA MAGDALENA FRANCISCA
ROUSSEAU ESCOBAR CAROLINA FRANCISCA
MESA: 221
SALVADOR ASTORGA DAVID EDUARDO
SALVO ESPOZ JAVIERA FERNANDA
SAN MARTIN ROJAS JOSE MIGUEL
SANCHEZ URZUA KARLA ANDREA
SANCHEZ VALDIVIESO PAMELA ANDREA
MESA: 222
SIAU QUESNEY MARIA AMALIA T.
SILVA AGUILERA HERNAN ANDRES
SILVA ESPINOSA MAGDALENA RAQUEL
SILVA TOLEDO ROMINA CONSTANZA
SILVA-RIESCO VELASQUEZ FELIPE ROBERTO
MESA: 223
SWAIN DEL REY ARTHUR JOSEPH
TAGLE ALAMOS CANDELARIA
TAPIA GONZALEZ MATIAS ESTEBAN
THOMAS LANGE JEFFREY HARDY
THOMSON BARBE SOFIA IGNACIA
MESA: 224
UGALDE PEREZ FELIPE IGNACIO
ULLOA EBENSPERGER PABLO ARTURO
URRUTIA FRESNO MARIA DEL ROSARIO
URRUTIA CARRASCO RODRIGO IGNACIO
URRUTIA GOMEZ JOCELYN BEATRIZ
MESA: 225
VASQUEZ GUTIERREZ PABLO IGNACIO
VASQUEZ ITURRA GONZALO ELIECER
VEAS REYES TOMAS JAVIERA
VELASQUEZ ZAPATA CATALINA ANDREA
VELEZ LEVIN GONZALO
MESA: 226
YARLEQUE CASTRO JESUS MARTIN
YAÑEZ BARRIENTOS MARCELO ANDRES
YAÑEZ NAVARRO CAROLINA PAULINA
ZABALA DONOSO ALONSO CRESCENTE
ZAPATA INOSTROZA OCTAVIO ANDRES
COMUNA	: PROVIDENCIA
CIRCUNS.	: PROVIDENCIA
MESAS	: 227 A LA 244
LOCAL	: INSTITUTO PROFESIONAL DUOC
DIRECCIÓN	: AVENIDA VARAS 666
MESA: 227
ABATTE SAURI FRANCISCA ANDREA
ABURTO MARAGAÑO ALFONSO EDUARDO
AGUILAR VARGAS CRISTIAN PABLO
AGUIRRE HEREDIA PATRICIO
ALLIENDE DE TORO BARBARA ANDREA
MESA: 228
ARELLANO LEON CAMILA ANDREA
ARIAS ESTAY BENJAMIN TOMAS
ASHTON ZUÑON FLORENCE MARY
AVENDAÑO ROJAS CLAUDIA ALEJANDRA
AYLA SANTIBAÑEZ DANIELA ESTER
MESA: 229
BLONDEL REVADENEIRA ANTONIO DE LOS MARES
BORQUEZ DIAZ CATALINA ESTER
BRAVO TOLEDO CAROLINA IGNACIA
BULBOA BRIGNARDELLO SEBASTIAN ANDRES
BURGOS LASQUEN SANDRA CECILIA
MESA: 230
CARUS MASCARO CRISTIAN EUGENIO
CASAJUANA BIGNA SEBASTIAN ALEJANDRO
CAVIEDES ORELLANA PILAR ALEJANDRA
CISTERNA HERNANDEZ TOMAS IGNACIO
CISTERNA FARIAS FLORENCIA ANTONIA
